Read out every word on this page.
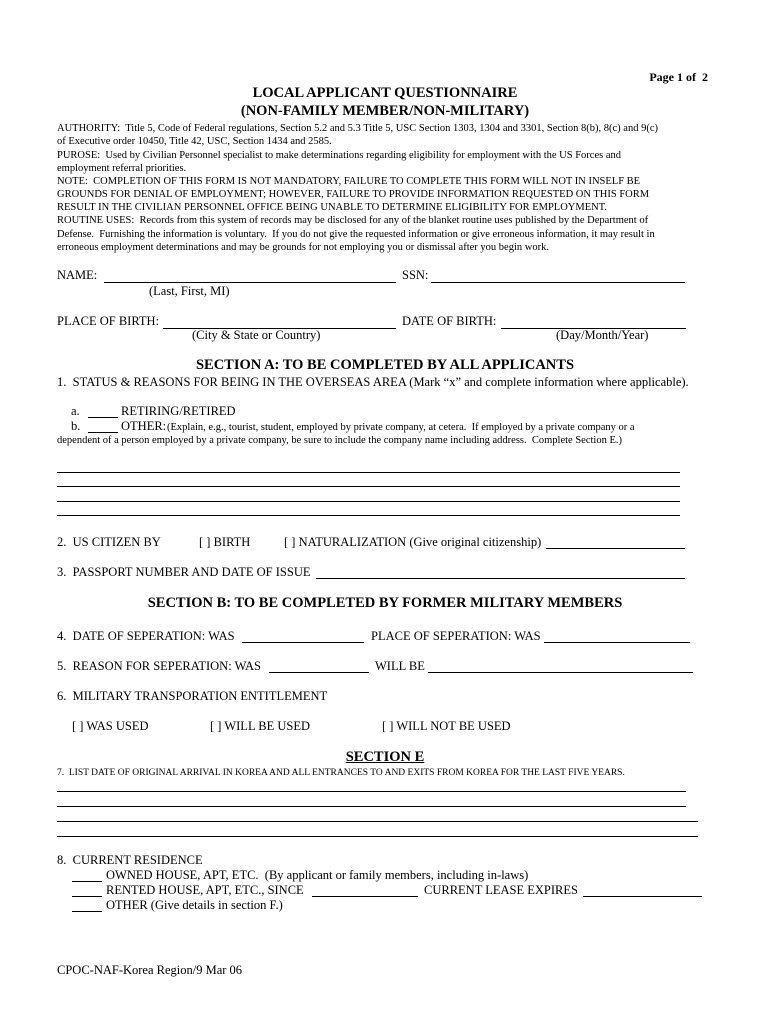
Page 1 of  2
LOCAL APPLICANT QUESTIONNAIRE
(NON-FAMILY MEMBER/NON-MILITARY)
AUTHORITY:  Title 5, Code of Federal regulations, Section 5.2 and 5.3 Title 5, USC Section 1303, 1304 and 3301, Section 8(b), 8(c) and 9(c)
of Executive order 10450, Title 42, USC, Section 1434 and 2585.
PUROSE:  Used by Civilian Personnel specialist to make determinations regarding eligibility for employment with the US Forces and
employment referral priorities.
NOTE:  COMPLETION OF THIS FORM IS NOT MANDATORY, FAILURE TO COMPLETE THIS FORM WILL NOT IN INSELF BE
GROUNDS FOR DENIAL OF EMPLOYMENT; HOWEVER, FAILURE TO PROVIDE INFORMATION REQUESTED ON THIS FORM
RESULT IN THE CIVILIAN PERSONNEL OFFICE BEING UNABLE TO DETERMINE ELIGIBILITY FOR EMPLOYMENT.
ROUTINE USES:  Records from this system of records may be disclosed for any of the blanket routine uses published by the Department of
Defense.  Furnishing the information is voluntary.  If you do not give the requested information or give erroneous information, it may result in
erroneous employment determinations and may be grounds for not employing you or dismissal after you begin work.
NAME:	SSN:
(Last, First, MI)
PLACE OF BIRTH:	DATE OF BIRTH:
(City & State or Country)	(Day/Month/Year)
SECTION A: TO BE COMPLETED BY ALL APPLICANTS
1.  STATUS & REASONS FOR BEING IN THE OVERSEAS AREA (Mark “x” and complete information where applicable).
a.	RETIRING/RETIRED
b.	OTHER: (Explain, e.g., tourist, student, employed by private company, at cetera.  If employed by a private company or a
dependent of a person employed by a private company, be sure to include the company name including address.  Complete Section E.)
2.  US CITIZEN BY	[ ] BIRTH	[ ] NATURALIZATION (Give original citizenship)
3.  PASSPORT NUMBER AND DATE OF ISSUE
SECTION B: TO BE COMPLETED BY FORMER MILITARY MEMBERS
4.  DATE OF SEPERATION: WAS	PLACE OF SEPERATION: WAS
5.  REASON FOR SEPERATION: WAS	WILL BE
6.  MILITARY TRANSPORATION ENTITLEMENT
[ ] WAS USED	[ ] WILL BE USED	[ ] WILL NOT BE USED
SECTION E
7.  LIST DATE OF ORIGINAL ARRIVAL IN KOREA AND ALL ENTRANCES TO AND EXITS FROM KOREA FOR THE LAST FIVE YEARS.
8.  CURRENT RESIDENCE
OWNED HOUSE, APT, ETC.  (By applicant or family members, including in-laws)
RENTED HOUSE, APT, ETC., SINCE	CURRENT LEASE EXPIRES
OTHER (Give details in section F.)
CPOC-NAF-Korea Region/9 Mar 06
